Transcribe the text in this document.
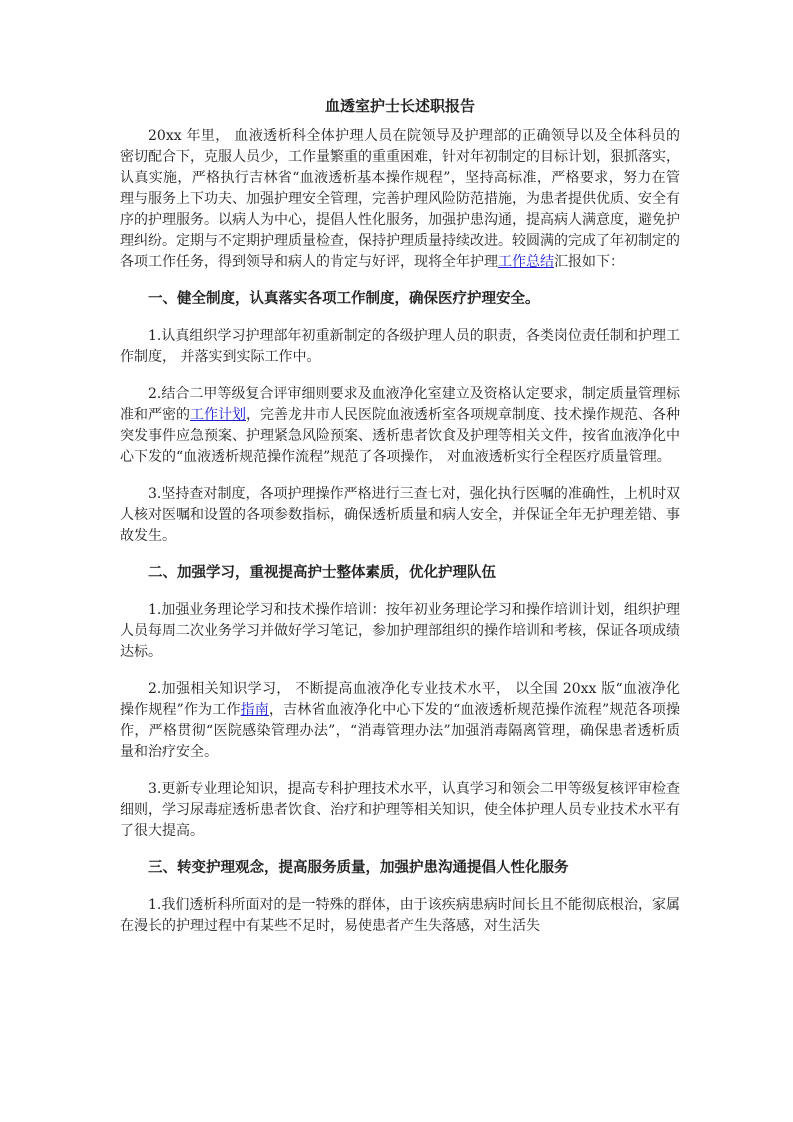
血透室护士长述职报告

20xx 年里， 血液透析科全体护理人员在院领导及护理部的正确领导以及全体科员的密切配合下，克服人员少，工作量繁重的重重困难，针对年初制定的目标计划，狠抓落实，认真实施，严格执行吉林省“血液透析基本操作规程”，坚持高标准，严格要求，努力在管理与服务上下功夫、加强护理安全管理，完善护理风险防范措施，为患者提供优质、安全有序的护理服务。以病人为中心，提倡人性化服务，加强护患沟通，提高病人满意度，避免护理纠纷。定期与不定期护理质量检查，保持护理质量持续改进。较圆满的完成了年初制定的各项工作任务，得到领导和病人的肯定与好评，现将全年护理工作总结汇报如下：

一、健全制度，认真落实各项工作制度，确保医疗护理安全。

1.认真组织学习护理部年初重新制定的各级护理人员的职责，各类岗位责任制和护理工作制度， 并落实到实际工作中。

2.结合二甲等级复合评审细则要求及血液净化室建立及资格认定要求，制定质量管理标准和严密的工作计划，完善龙井市人民医院血液透析室各项规章制度、技术操作规范、各种突发事件应急预案、护理紧急风险预案、透析患者饮食及护理等相关文件，按省血液净化中心下发的“血液透析规范操作流程”规范了各项操作， 对血液透析实行全程医疗质量管理。

3.坚持查对制度，各项护理操作严格进行三查七对，强化执行医嘱的准确性，上机时双人核对医嘱和设置的各项参数指标，确保透析质量和病人安全，并保证全年无护理差错、事故发生。

二、加强学习，重视提高护士整体素质，优化护理队伍

1.加强业务理论学习和技术操作培训：按年初业务理论学习和操作培训计划，组织护理人员每周二次业务学习并做好学习笔记，参加护理部组织的操作培训和考核，保证各项成绩达标。

2.加强相关知识学习， 不断提高血液净化专业技术水平， 以全国 20xx 版“血液净化操作规程”作为工作指南，吉林省血液净化中心下发的“血液透析规范操作流程”规范各项操作，严格贯彻“医院感染管理办法”，“消毒管理办法”加强消毒隔离管理，确保患者透析质量和治疗安全。

3.更新专业理论知识，提高专科护理技术水平，认真学习和领会二甲等级复核评审检查细则，学习尿毒症透析患者饮食、治疗和护理等相关知识，使全体护理人员专业技术水平有了很大提高。

三、转变护理观念，提高服务质量，加强护患沟通提倡人性化服务

1.我们透析科所面对的是一特殊的群体，由于该疾病患病时间长且不能彻底根治，家属在漫长的护理过程中有某些不足时，易使患者产生失落感，对生活失
